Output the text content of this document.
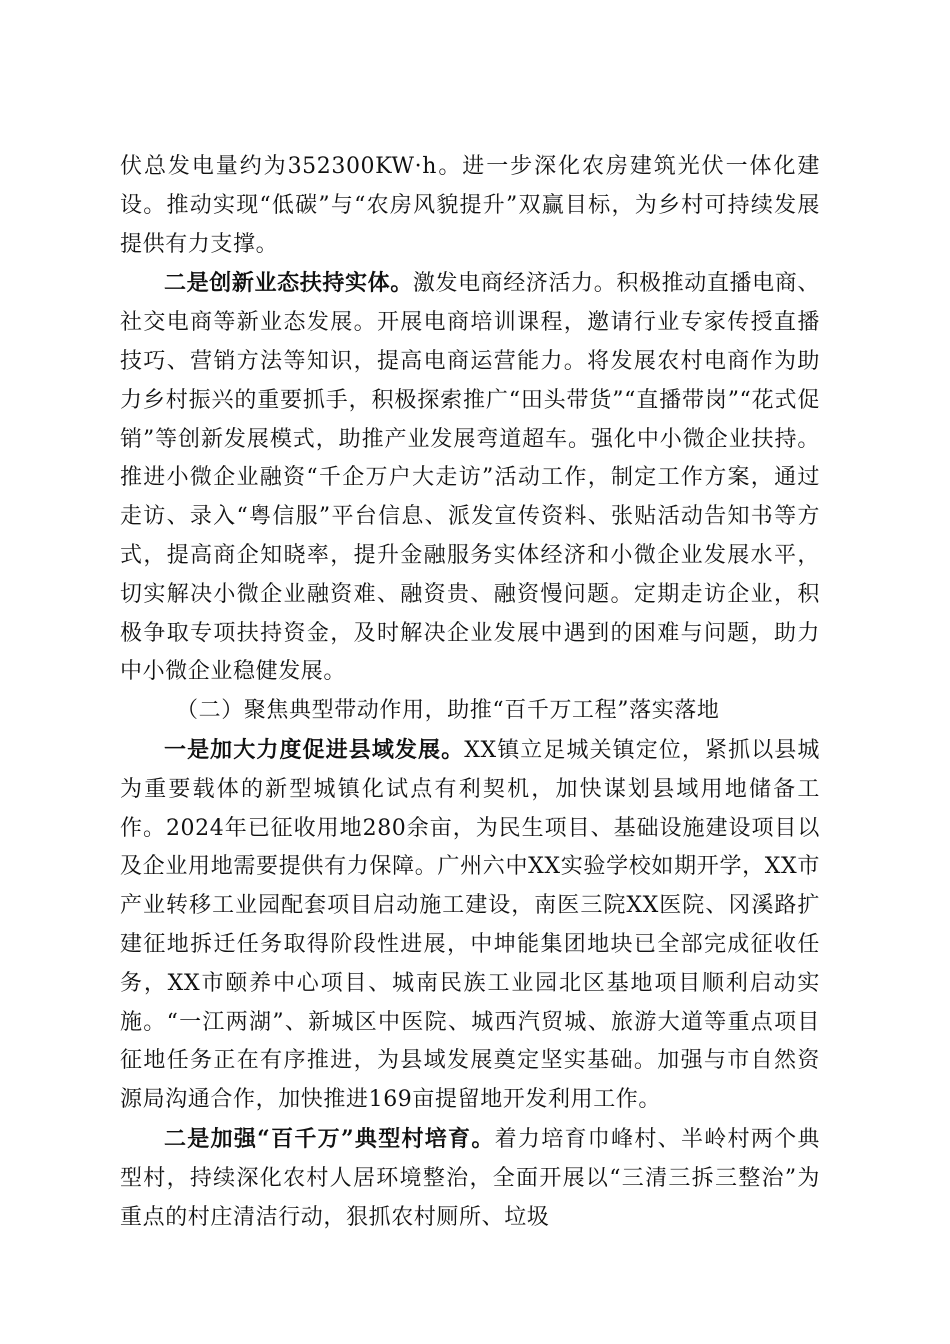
伏总发电量约为352300KW·h。进一步深化农房建筑光伏一体化建设。推动实现“低碳”与“农房风貌提升”双赢目标，为乡村可持续发展提供有力支撑。

二是创新业态扶持实体。激发电商经济活力。积极推动直播电商、社交电商等新业态发展。开展电商培训课程，邀请行业专家传授直播技巧、营销方法等知识，提高电商运营能力。将发展农村电商作为助力乡村振兴的重要抓手，积极探索推广“田头带货”“直播带岗”“花式促销”等创新发展模式，助推产业发展弯道超车。强化中小微企业扶持。推进小微企业融资“千企万户大走访”活动工作，制定工作方案，通过走访、录入“粤信服”平台信息、派发宣传资料、张贴活动告知书等方式，提高商企知晓率，提升金融服务实体经济和小微企业发展水平，切实解决小微企业融资难、融资贵、融资慢问题。定期走访企业，积极争取专项扶持资金，及时解决企业发展中遇到的困难与问题，助力中小微企业稳健发展。

（二）聚焦典型带动作用，助推“百千万工程”落实落地

一是加大力度促进县域发展。XX镇立足城关镇定位，紧抓以县城为重要载体的新型城镇化试点有利契机，加快谋划县域用地储备工作。2024年已征收用地280余亩，为民生项目、基础设施建设项目以及企业用地需要提供有力保障。广州六中XX实验学校如期开学，XX市产业转移工业园配套项目启动施工建设，南医三院XX医院、冈溪路扩建征地拆迁任务取得阶段性进展，中坤能集团地块已全部完成征收任务，XX市颐养中心项目、城南民族工业园北区基地项目顺利启动实施。“一江两湖”、新城区中医院、城西汽贸城、旅游大道等重点项目征地任务正在有序推进，为县域发展奠定坚实基础。加强与市自然资源局沟通合作，加快推进169亩提留地开发利用工作。

二是加强“百千万”典型村培育。着力培育巾峰村、半岭村两个典型村，持续深化农村人居环境整治，全面开展以“三清三拆三整治”为重点的村庄清洁行动，狠抓农村厕所、垃圾
